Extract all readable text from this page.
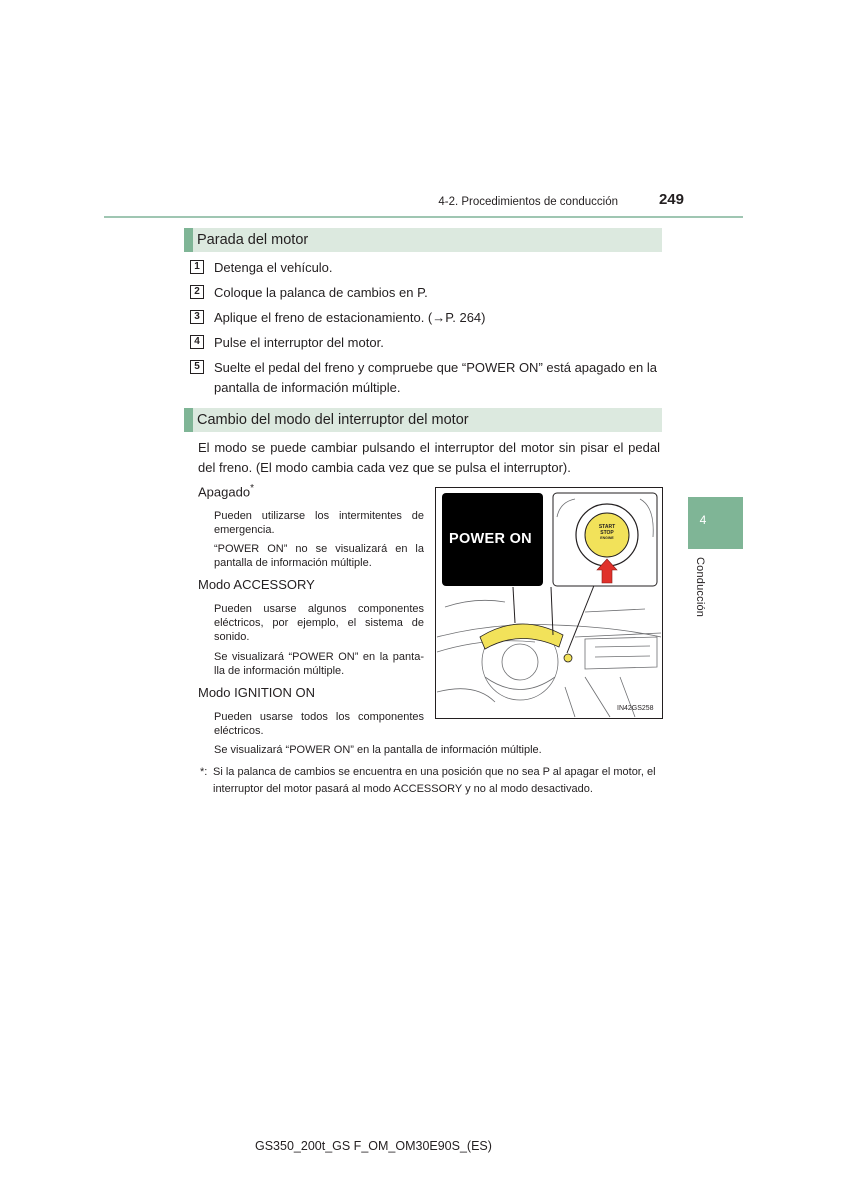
4-2. Procedimientos de conducción	249
4
Conducción
Parada del motor
1	Detenga el vehículo.
2	Coloque la palanca de cambios en P.
3	Aplique el freno de estacionamiento. (→P. 264)
4	Pulse el interruptor del motor.
5	Suelte el pedal del freno y compruebe que “POWER ON” está apagado en la pantalla de información múltiple.
Cambio del modo del interruptor del motor
El modo se puede cambiar pulsando el interruptor del motor sin pisar el pedal del freno. (El modo cambia cada vez que se pulsa el interruptor).
Apagado*
Pueden utilizarse los intermitentes de emergencia.
“POWER ON” no se visualizará en la pantalla de información múltiple.
Modo ACCESSORY
Pueden usarse algunos componentes eléctricos, por ejemplo, el sistema de sonido.
Se visualizará “POWER ON” en la panta- lla de información múltiple.
Modo IGNITION ON
Pueden usarse todos los componentes eléctricos.
Se visualizará “POWER ON” en la pantalla de información múltiple.
*: Si la palanca de cambios se encuentra en una posición que no sea P al apagar el motor, el interruptor del motor pasará al modo ACCESSORY y no al modo desactivado.
POWER ON
START
STOP
ENGINE
IN42GS258
GS350_200t_GS F_OM_OM30E90S_(ES)
